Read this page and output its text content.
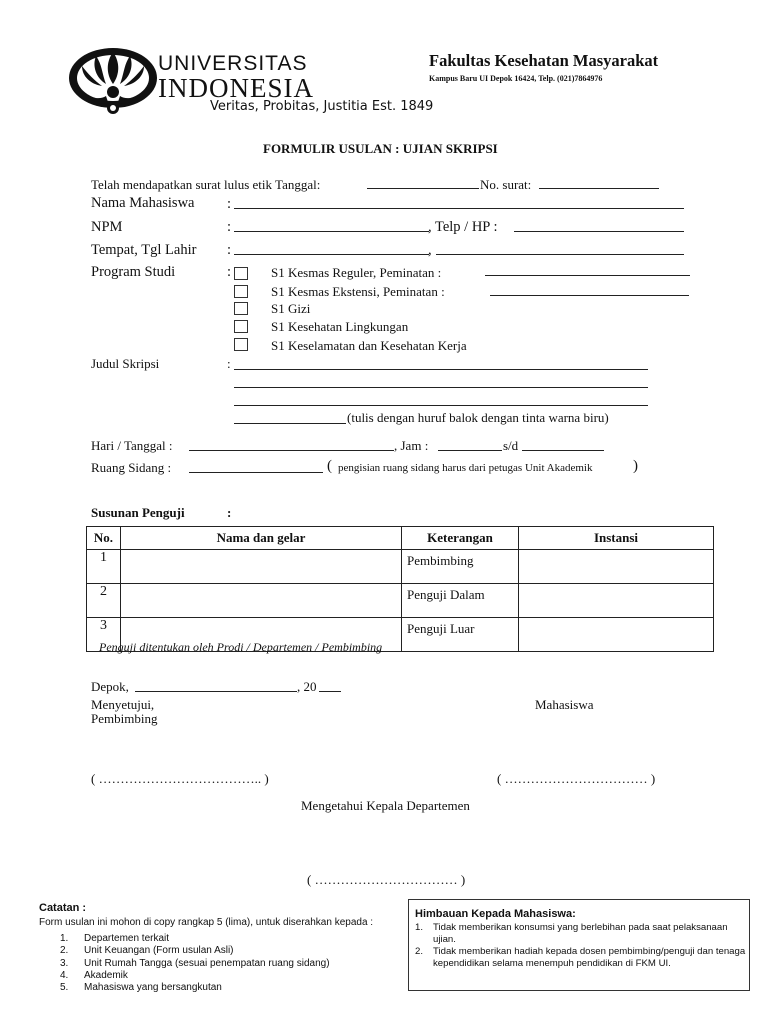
UNIVERSITAS
INDONESIA
Veritas, Probitas, Justitia Est. 1849
Fakultas Kesehatan Masyarakat
Kampus Baru UI Depok 16424, Telp. (021)7864976
FORMULIR USULAN : UJIAN SKRIPSI
Telah mendapatkan surat lulus etik Tanggal:	No. surat:
Nama Mahasiswa :
NPM	:	, Telp / HP :
Tempat, Tgl Lahir :	,
Program Studi	:	S1 Kesmas Reguler, Peminatan :
S1 Kesmas Ekstensi, Peminatan :
S1 Gizi
S1 Kesehatan Lingkungan
S1 Keselamatan dan Kesehatan Kerja
Judul Skripsi	:
(tulis dengan huruf balok dengan tinta warna biru)
Hari / Tanggal :	, Jam :	s/d
Ruang Sidang :	( pengisian ruang sidang harus dari petugas Unit Akademik	)
Susunan Penguji	:
No.	Nama dan gelar	Keterangan	Instansi
1		Pembimbing	
2		Penguji Dalam	
3		Penguji Luar	
Penguji ditentukan oleh Prodi / Departemen / Pembimbing
Depok,	, 20
Menyetujui,
Pembimbing
Mahasiswa
( ……………………………….. )	( …………………………… )
Mengetahui Kepala Departemen
( …………………………… )
Catatan :
Form usulan ini mohon di copy rangkap 5 (lima), untuk diserahkan kepada :
1. Departemen terkait
2. Unit Keuangan (Form usulan Asli)
3. Unit Rumah Tangga (sesuai penempatan ruang sidang)
4. Akademik
5. Mahasiswa yang bersangkutan
Himbauan Kepada Mahasiswa:
1.	Tidak memberikan konsumsi yang berlebihan pada saat pelaksanaan ujian.
2.	Tidak memberikan hadiah kepada dosen pembimbing/penguji dan tenaga kependidikan selama menempuh pendidikan di FKM UI.
